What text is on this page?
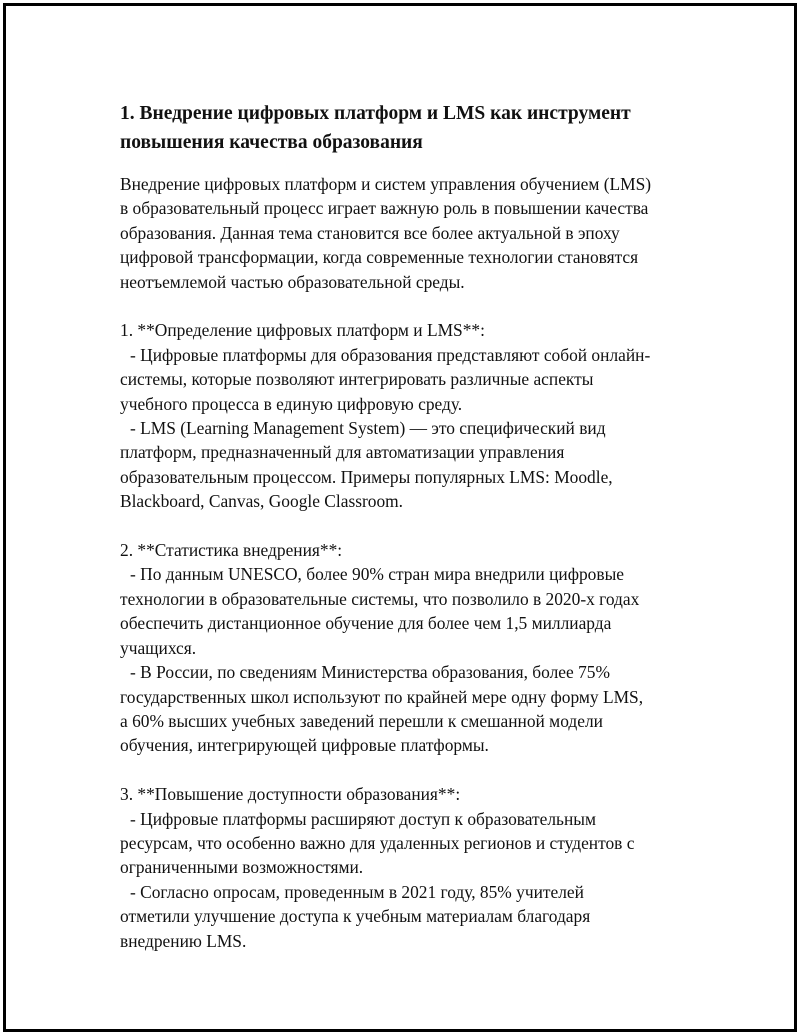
1. Внедрение цифровых платформ и LMS как инструмент
повышения качества образования

Внедрение цифровых платформ и систем управления обучением (LMS)
в образовательный процесс играет важную роль в повышении качества
образования. Данная тема становится все более актуальной в эпоху
цифровой трансформации, когда современные технологии становятся
неотъемлемой частью образовательной среды.

1. **Определение цифровых платформ и LMS**:

- Цифровые платформы для образования представляют собой онлайн-
системы, которые позволяют интегрировать различные аспекты
учебного процесса в единую цифровую среду.

- LMS (Learning Management System) — это специфический вид
платформ, предназначенный для автоматизации управления
образовательным процессом. Примеры популярных LMS: Moodle,
Blackboard, Canvas, Google Classroom.

2. **Статистика внедрения**:

- По данным UNESCO, более 90% стран мира внедрили цифровые
технологии в образовательные системы, что позволило в 2020-х годах
обеспечить дистанционное обучение для более чем 1,5 миллиарда
учащихся.

- В России, по сведениям Министерства образования, более 75%
государственных школ используют по крайней мере одну форму LMS,
а 60% высших учебных заведений перешли к смешанной модели
обучения, интегрирующей цифровые платформы.

3. **Повышение доступности образования**:

- Цифровые платформы расширяют доступ к образовательным
ресурсам, что особенно важно для удаленных регионов и студентов с
ограниченными возможностями.

- Согласно опросам, проведенным в 2021 году, 85% учителей
отметили улучшение доступа к учебным материалам благодаря
внедрению LMS.
